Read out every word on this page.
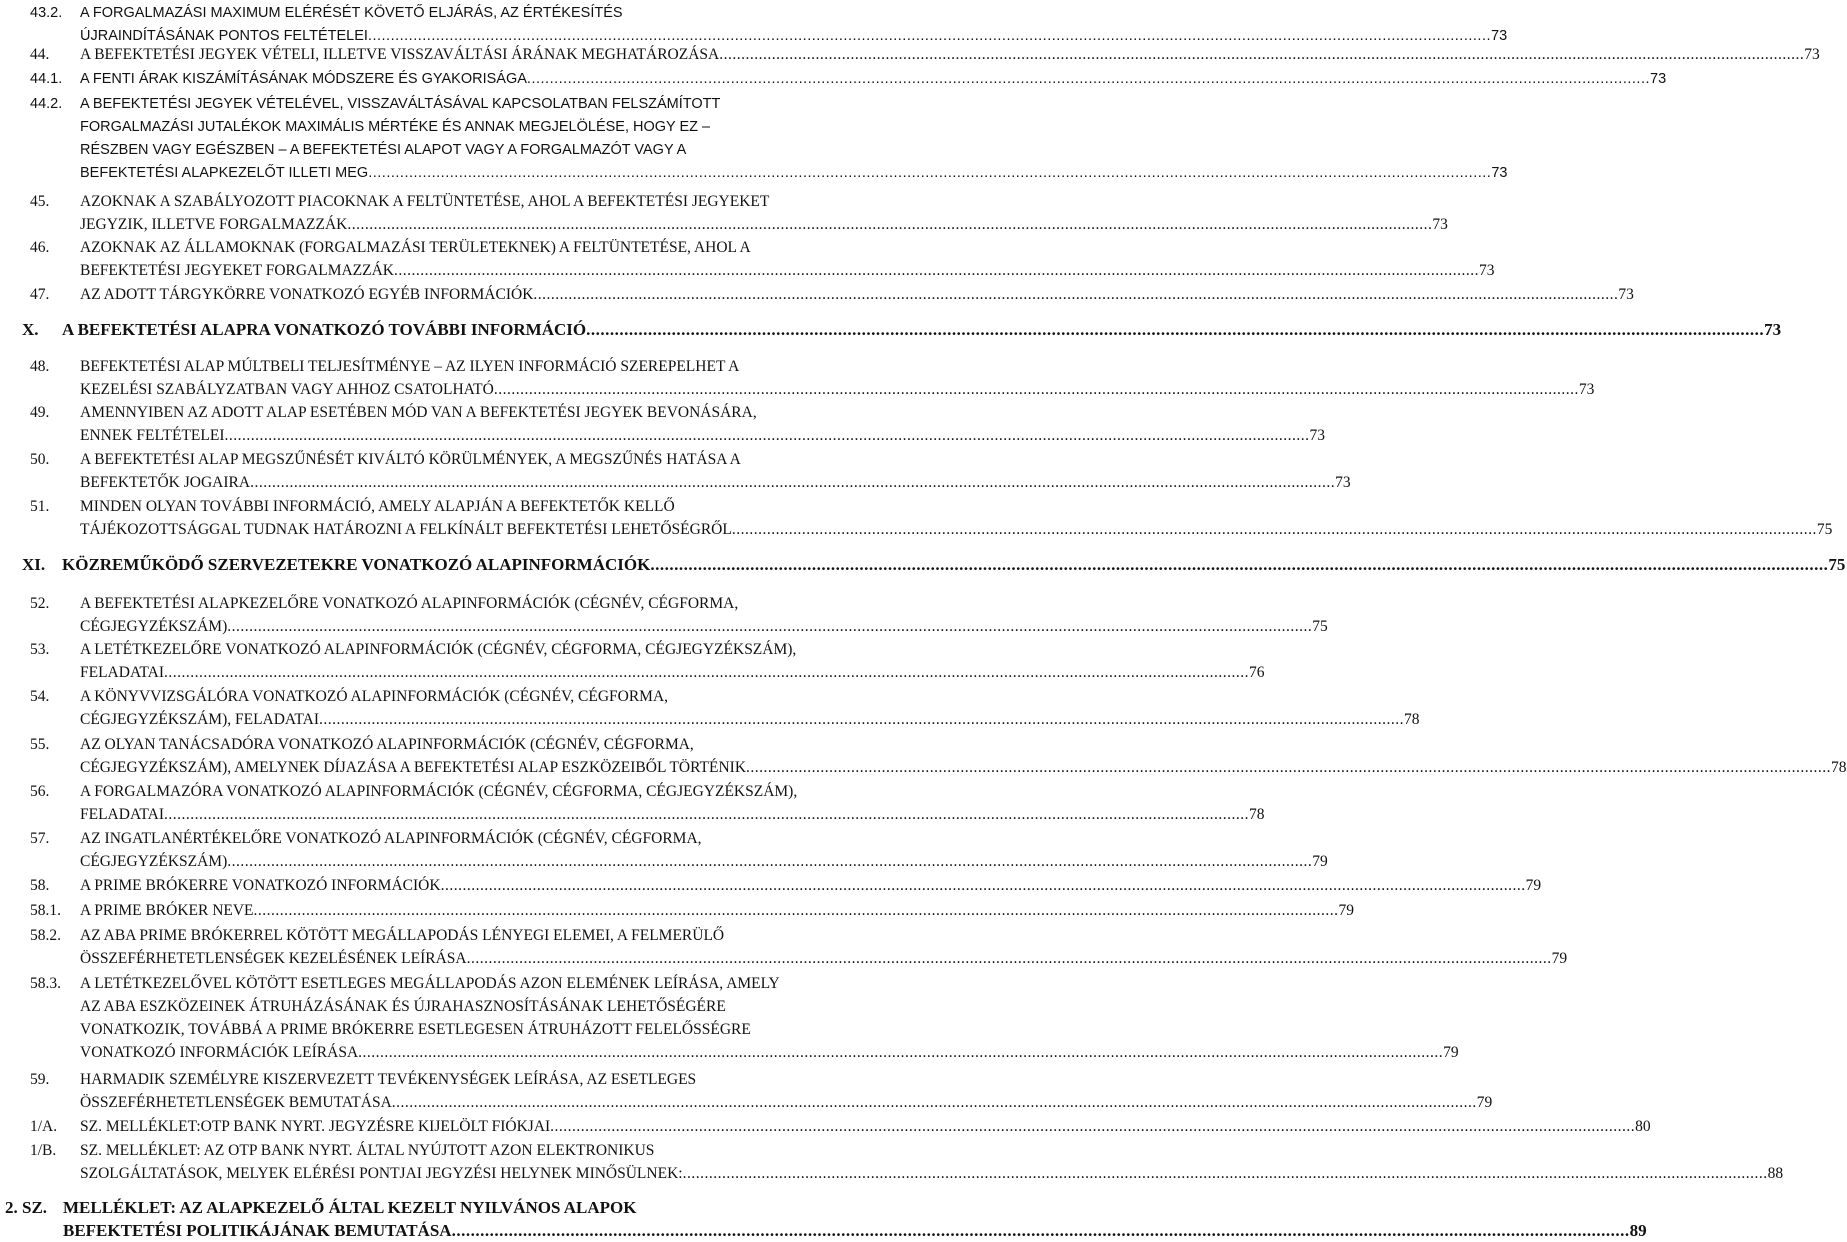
43.2.	A FORGALMAZÁSI MAXIMUM ELÉRÉSÉT KÖVETŐ ELJÁRÁS, AZ ÉRTÉKESÍTÉS
ÚJRAINDÍTÁSÁNAK PONTOS FELTÉTELEI .....	73
44.	A BEFEKTETÉSI JEGYEK VÉTELI, ILLETVE VISSZAVÁLTÁSI ÁRÁNAK MEGHATÁROZÁSA .....	73
44.1.	A FENTI ÁRAK KISZÁMÍTÁSÁNAK MÓDSZERE ÉS GYAKORISÁGA .....	73
44.2.	A BEFEKTETÉSI JEGYEK VÉTELÉVEL, VISSZAVÁLTÁSÁVAL KAPCSOLATBAN FELSZÁMÍTOTT
FORGALMAZÁSI JUTALÉKOK MAXIMÁLIS MÉRTÉKE ÉS ANNAK MEGJELÖLÉSE, HOGY EZ –
RÉSZBEN VAGY EGÉSZBEN – A BEFEKTETÉSI ALAPOT VAGY A FORGALMAZÓT VAGY A
BEFEKTETÉSI ALAPKEZELŐT ILLETI MEG .....	73
45.	AZOKNAK A SZABÁLYOZOTT PIACOKNAK A FELTÜNTETÉSE, AHOL A BEFEKTETÉSI JEGYEKET
JEGYZIK, ILLETVE FORGALMAZZÁK .....	73
46.	AZOKNAK AZ ÁLLAMOKNAK (FORGALMAZÁSI TERÜLETEKNEK) A FELTÜNTETÉSE, AHOL A
BEFEKTETÉSI JEGYEKET FORGALMAZZÁK .....	73
47.	AZ ADOTT TÁRGYKÖRRE VONATKOZÓ EGYÉB INFORMÁCIÓK .....	73
X.	A BEFEKTETÉSI ALAPRA VONATKOZÓ TOVÁBBI INFORMÁCIÓ .....	73
48.	BEFEKTETÉSI ALAP MÚLTBELI TELJESÍTMÉNYE – AZ ILYEN INFORMÁCIÓ SZEREPELHET A
KEZELÉSI SZABÁLYZATBAN VAGY AHHOZ CSATOLHATÓ .....	73
49.	AMENNYIBEN AZ ADOTT ALAP ESETÉBEN MÓD VAN A BEFEKTETÉSI JEGYEK BEVONÁSÁRA,
ENNEK FELTÉTELEI .....	73
50.	A BEFEKTETÉSI ALAP MEGSZŰNÉSÉT KIVÁLTÓ KÖRÜLMÉNYEK, A MEGSZŰNÉS HATÁSA A
BEFEKTETŐK JOGAIRA .....	73
51.	MINDEN OLYAN TOVÁBBI INFORMÁCIÓ, AMELY ALAPJÁN A BEFEKTETŐK KELLŐ
TÁJÉKOZOTTSÁGGAL TUDNAK HATÁROZNI A FELKÍNÁLT BEFEKTETÉSI LEHETŐSÉGRŐL .....	75
XI. KÖZREMŰKÖDŐ SZERVEZETEKRE VONATKOZÓ ALAPINFORMÁCIÓK .....	75
52.	A BEFEKTETÉSI ALAPKEZELŐRE VONATKOZÓ ALAPINFORMÁCIÓK (CÉGNÉV, CÉGFORMA,
CÉGJEGYZÉKSZÁM) .....	75
53.	A LETÉTKEZELŐRE VONATKOZÓ ALAPINFORMÁCIÓK (CÉGNÉV, CÉGFORMA, CÉGJEGYZÉKSZÁM),
FELADATAI .....	76
54.	A KÖNYVVIZSGÁLÓRA VONATKOZÓ ALAPINFORMÁCIÓK (CÉGNÉV, CÉGFORMA,
CÉGJEGYZÉKSZÁM), FELADATAI .....	78
55.	AZ OLYAN TANÁCSADÓRA VONATKOZÓ ALAPINFORMÁCIÓK (CÉGNÉV, CÉGFORMA,
CÉGJEGYZÉKSZÁM), AMELYNEK DÍJAZÁSA A BEFEKTETÉSI ALAP ESZKÖZEIBŐL TÖRTÉNIK .....	78
56.	A FORGALMAZÓRA VONATKOZÓ ALAPINFORMÁCIÓK (CÉGNÉV, CÉGFORMA, CÉGJEGYZÉKSZÁM),
FELADATAI .....	78
57.	AZ INGATLANÉRTÉKELŐRE VONATKOZÓ ALAPINFORMÁCIÓK (CÉGNÉV, CÉGFORMA,
CÉGJEGYZÉKSZÁM) .....	79
58.	A PRIME BRÓKERRE VONATKOZÓ INFORMÁCIÓK .....	79
58.1.	A PRIME BRÓKER NEVE .....	79
58.2.	AZ ABA PRIME BRÓKERREL KÖTÖTT MEGÁLLAPODÁS LÉNYEGI ELEMEI, A FELMERÜLŐ
ÖSSZEFÉRHETETLENSÉGEK KEZELÉSÉNEK LEÍRÁSA .....	79
58.3.	A LETÉTKEZELŐVEL KÖTÖTT ESETLEGES MEGÁLLAPODÁS AZON ELEMÉNEK LEÍRÁSA, AMELY
AZ ABA ESZKÖZEINEK ÁTRUHÁZÁSÁNAK ÉS ÚJRAHASZNOSÍTÁSÁNAK LEHETŐSÉGÉRE
VONATKOZIK, TOVÁBBÁ A PRIME BRÓKERRE ESETLEGESEN ÁTRUHÁZOTT FELELŐSSÉGRE
VONATKOZÓ INFORMÁCIÓK LEÍRÁSA .....	79
59.	HARMADIK SZEMÉLYRE KISZERVEZETT TEVÉKENYSÉGEK LEÍRÁSA, AZ ESETLEGES
ÖSSZEFÉRHETETLENSÉGEK BEMUTATÁSA .....	79
1/A.	SZ. MELLÉKLET:OTP BANK NYRT. JEGYZÉSRE KIJELÖLT FIÓKJAI .....	80
1/B.	SZ. MELLÉKLET: AZ OTP BANK NYRT. ÁLTAL NYÚJTOTT AZON ELEKTRONIKUS
SZOLGÁLTATÁSOK, MELYEK ELÉRÉSI PONTJAI JEGYZÉSI HELYNEK MINŐSÜLNEK: .....	88
2. SZ. MELLÉKLET: AZ ALAPKEZELŐ ÁLTAL KEZELT NYILVÁNOS ALAPOK
BEFEKTETÉSI POLITIKÁJÁNAK BEMUTATÁSA .....	89
